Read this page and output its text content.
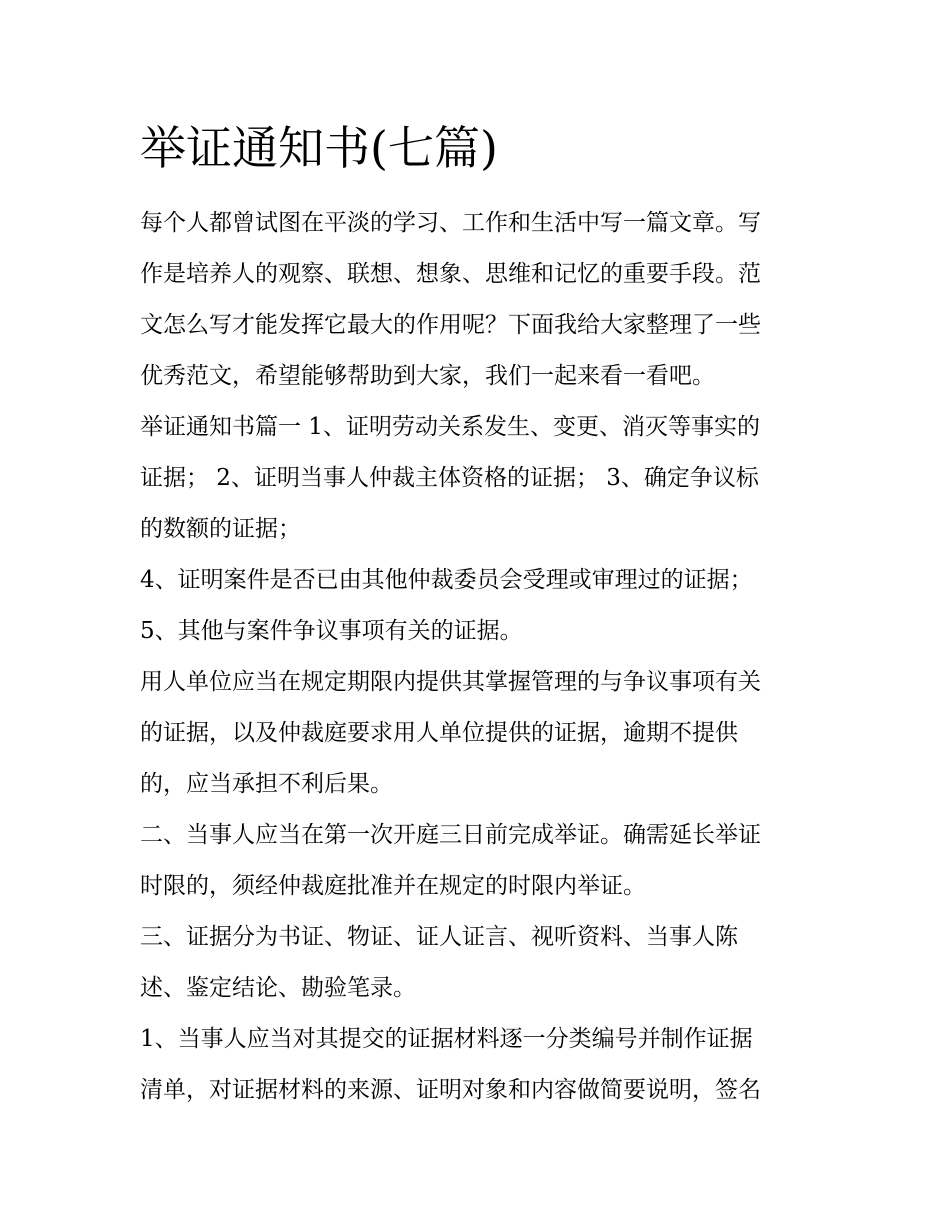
举证通知书(七篇)

每个人都曾试图在平淡的学习、工作和生活中写一篇文章。写
作是培养人的观察、联想、想象、思维和记忆的重要手段。范
文怎么写才能发挥它最大的作用呢？下面我给大家整理了一些
优秀范文，希望能够帮助到大家，我们一起来看一看吧。

举证通知书篇一 1、证明劳动关系发生、变更、消灭等事实的
证据； 2、证明当事人仲裁主体资格的证据； 3、确定争议标
的数额的证据；

4、证明案件是否已由其他仲裁委员会受理或审理过的证据；

5、其他与案件争议事项有关的证据。

用人单位应当在规定期限内提供其掌握管理的与争议事项有关
的证据，以及仲裁庭要求用人单位提供的证据，逾期不提供
的，应当承担不利后果。

二、当事人应当在第一次开庭三日前完成举证。确需延长举证
时限的，须经仲裁庭批准并在规定的时限内举证。

三、证据分为书证、物证、证人证言、视听资料、当事人陈
述、鉴定结论、勘验笔录。

1、当事人应当对其提交的证据材料逐一分类编号并制作证据
清单，对证据材料的来源、证明对象和内容做简要说明，签名
